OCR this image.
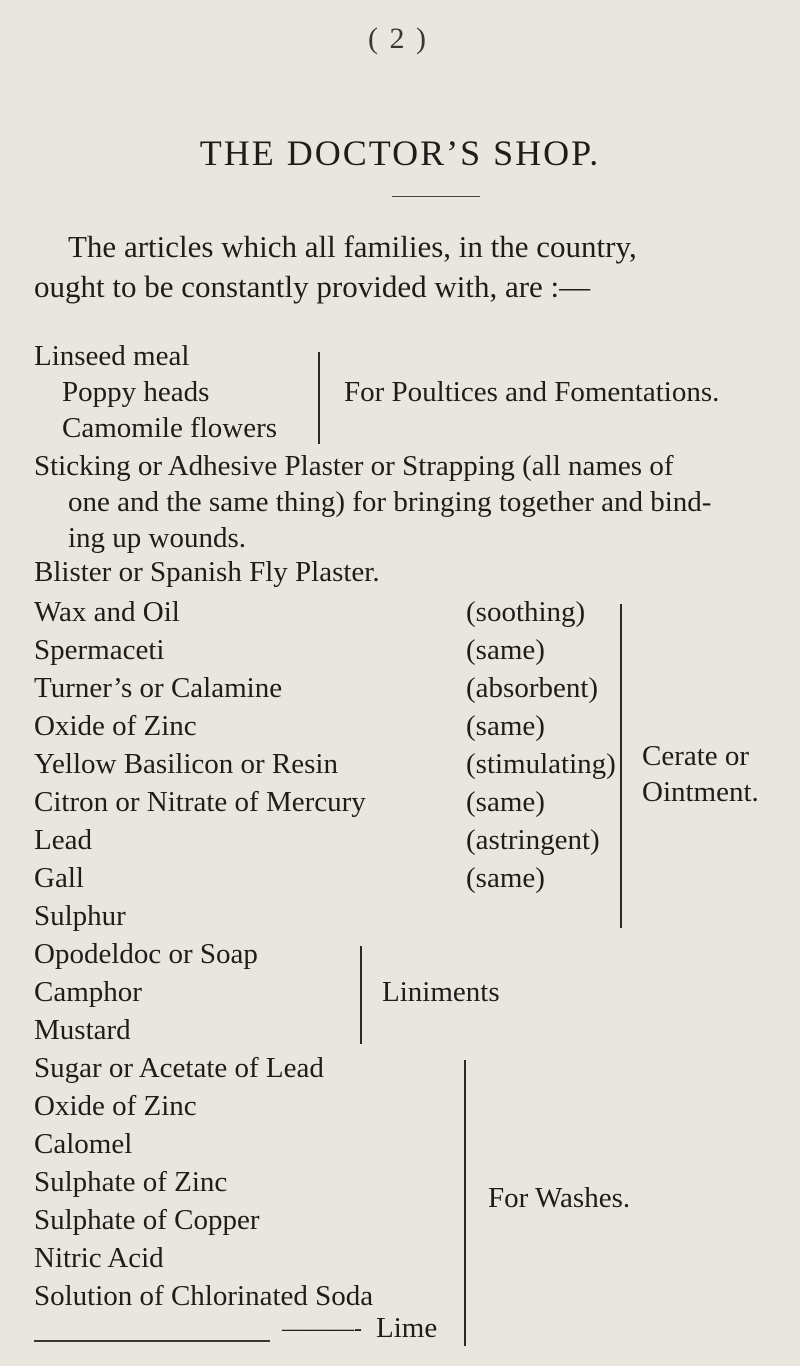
( 2 )
THE DOCTOR’S SHOP.
The articles which all families, in the country,
ought to be constantly provided with, are :—
Linseed meal
Poppy heads
Camomile flowers
For Poultices and Fomentations.
Sticking or Adhesive Plaster or Strapping (all names of
one and the same thing) for bringing together and bind-
ing up wounds.
Blister or Spanish Fly Plaster.
Wax and Oil	(soothing)
Spermaceti	(same)
Turner’s or Calamine	(absorbent)
Oxide of Zinc	(same)
Yellow Basilicon or Resin	(stimulating)
Citron or Nitrate of Mercury	(same)
Lead	(astringent)
Gall	(same)
Sulphur
Cerate or
Ointment.
Opodeldoc or Soap
Camphor
Mustard
Liniments
Sugar or Acetate of Lead
Oxide of Zinc
Calomel
Sulphate of Zinc
Sulphate of Copper
Nitric Acid
Solution of Chlorinated Soda
———- Lime
For Washes.
